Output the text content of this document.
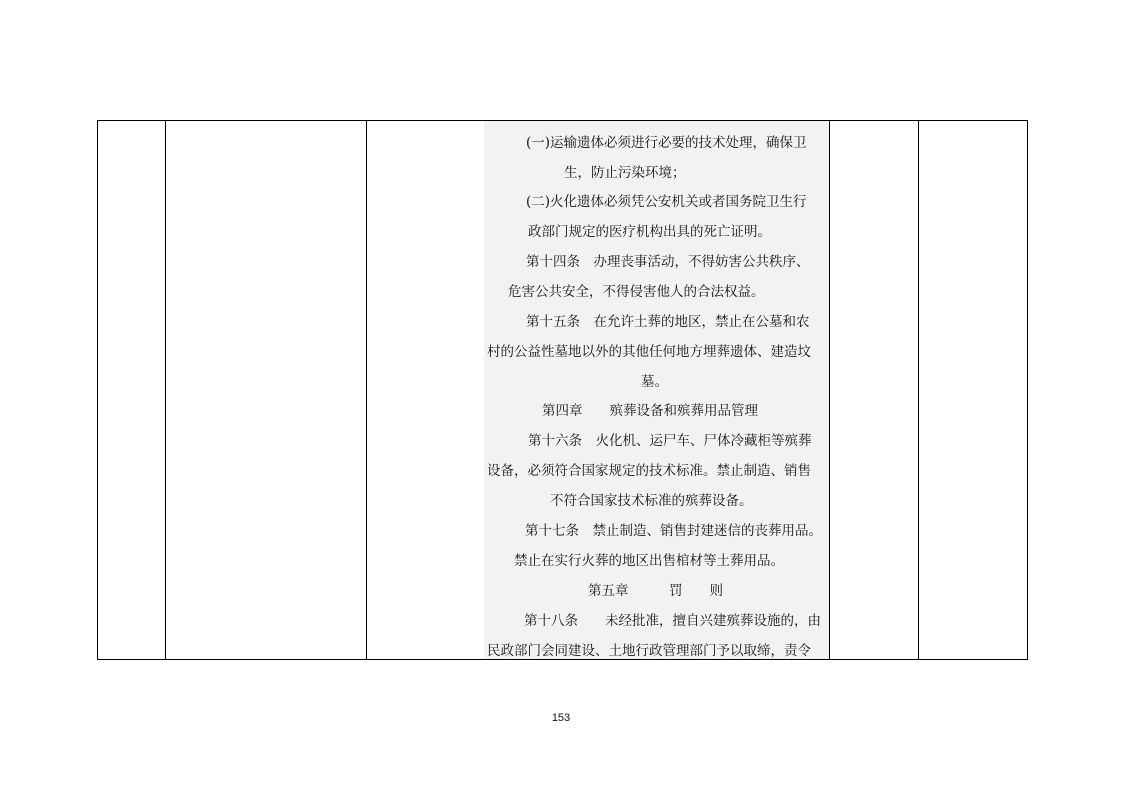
(一)运输遗体必须进行必要的技术处理，确保卫
生，防止污染环境；
(二)火化遗体必须凭公安机关或者国务院卫生行
政部门规定的医疗机构出具的死亡证明。
第十四条　办理丧事活动，不得妨害公共秩序、
危害公共安全，不得侵害他人的合法权益。
第十五条　在允许土葬的地区，禁止在公墓和农
村的公益性墓地以外的其他任何地方埋葬遗体、建造坟
墓。
第四章　　殡葬设备和殡葬用品管理
第十六条　火化机、运尸车、尸体冷藏柜等殡葬
设备，必须符合国家规定的技术标准。禁止制造、销售
不符合国家技术标准的殡葬设备。
第十七条　禁止制造、销售封建迷信的丧葬用品。
禁止在实行火葬的地区出售棺材等土葬用品。
第五章　　　罚　　则
第十八条　　未经批准，擅自兴建殡葬设施的，由
民政部门会同建设、土地行政管理部门予以取缔，责令
153
